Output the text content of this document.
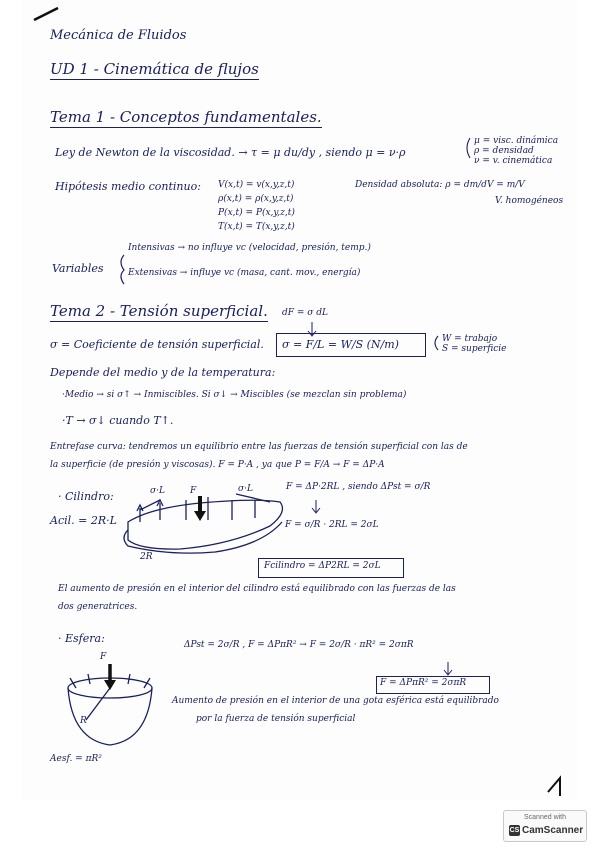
Mecánica de Fluidos
UD 1 - Cinemática de flujos
Tema 1 - Conceptos fundamentales.
Ley de Newton de la viscosidad. → τ = μ du/dy , siendo μ = ν·ρ
μ = visc. dinámica
ρ = densidad
ν = v. cinemática
Hipótesis medio continuo: V(x,t) = v(x,y,z,t)
ρ(x,t) = ρ(x,y,z,t)
P(x,t) = P(x,y,z,t)
T(x,t) = T(x,y,z,t)
Densidad absoluta: ρ = dm/dV = m/V
V. homogéneos
Variables
Intensivas → no influye vc (velocidad, presión, temp.)
Extensivas → influye vc (masa, cant. mov., energía)
Tema 2 - Tensión superficial. dF = σ dL
σ = Coeficiente de tensión superficial. σ = F/L = W/S (N/m)	W = trabajo
S = superficie
Depende del medio y de la temperatura:
·Medio → si σ↑ → Inmiscibles. Si σ↓ → Miscibles (se mezclan sin problema)
·T → σ↓ cuando T↑.
Entrefase curva: tendremos un equilibrio entre las fuerzas de tensión superficial con las de
la superficie (de presión y viscosas). F = P·A , ya que P = F/A → F = ΔP·A
· Cilindro:
F = ΔP·2RL , siendo ΔPst = σ/R
Acil. = 2R·L
σ·L	F	σ·L
2R
F = σ/R · 2RL = 2σL
Fcilindro = ΔP2RL = 2σL
El aumento de presión en el interior del cilindro está equilibrado con las fuerzas de las
dos generatrices.
· Esfera:	ΔPst = 2σ/R , F = ΔPπR² → F = 2σ/R · πR² = 2σπR
F
R
F = ΔPπR² = 2σπR
Aumento de presión en el interior de una gota esférica está equilibrado
por la fuerza de tensión superficial
Aesf. = πR²
Scanned with
CS CamScanner
